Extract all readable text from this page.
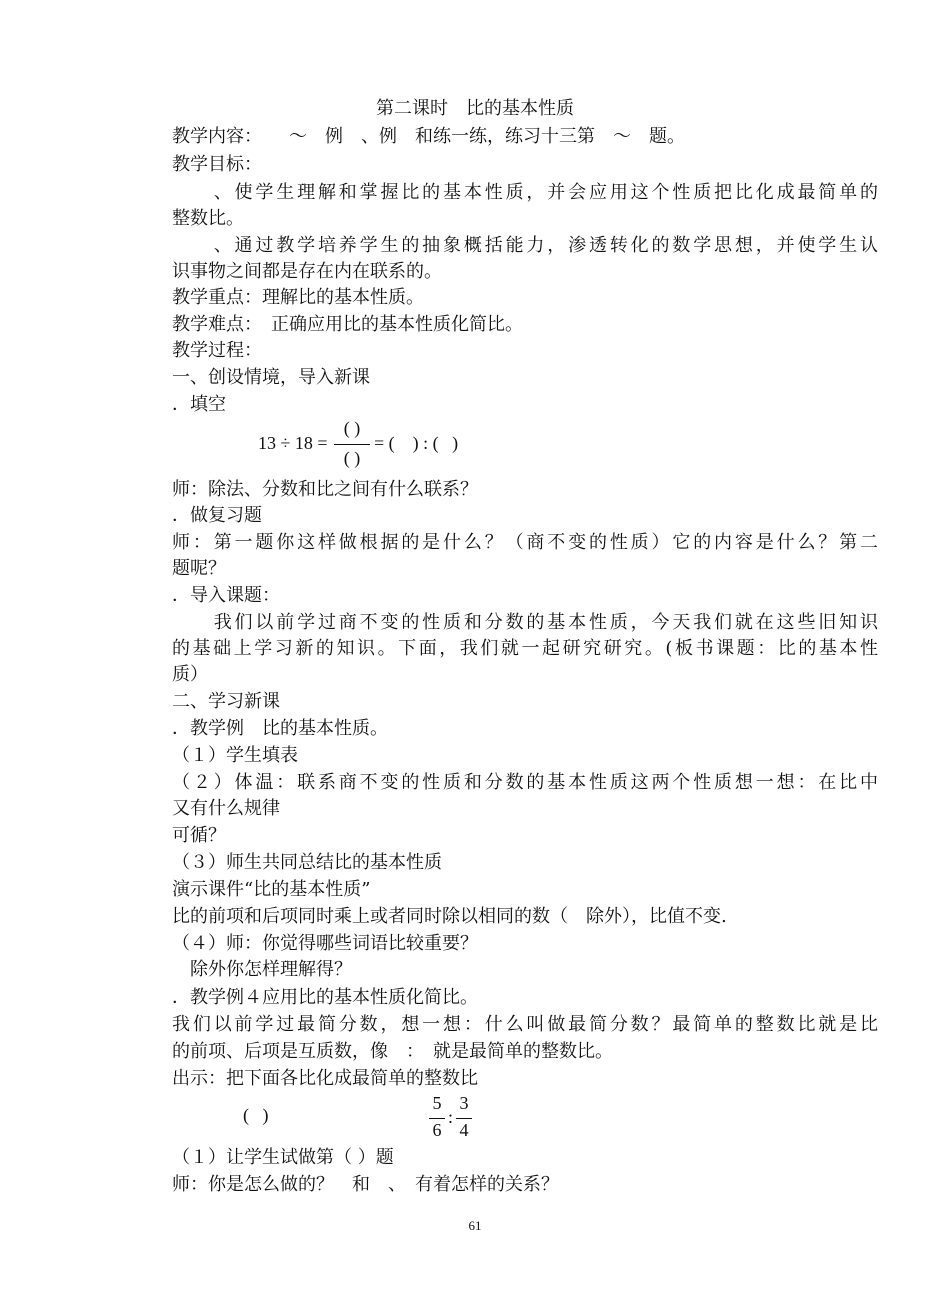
第二课时　比的基本性质
教学内容：　　～　例　、例　和练一练，练习十三第　～　题。
教学目标：
　　、使学生理解和掌握比的基本性质，并会应用这个性质把比化成最简单的
整数比。
　　、通过教学培养学生的抽象概括能力，渗透转化的数学思想，并使学生认
识事物之间都是存在内在联系的。
教学重点：理解比的基本性质。
教学难点：　正确应用比的基本性质化简比。
教学过程：
一、创设情境，导入新课
．填空
13 ÷ 18 =
( )
( )
= (    ) : (   )
师：除法、分数和比之间有什么联系？
．做复习题
师：第一题你这样做根据的是什么？（商不变的性质）它的内容是什么？第二
题呢？
．导入课题：
　　我们以前学过商不变的性质和分数的基本性质，今天我们就在这些旧知识
的基础上学习新的知识。下面，我们就一起研究研究。(板书课题：比的基本性
质）
二、学习新课
．教学例　比的基本性质。
（１）学生填表
（２）体温：联系商不变的性质和分数的基本性质这两个性质想一想：在比中
又有什么规律
可循？
（３）师生共同总结比的基本性质
演示课件“比的基本性质”
比的前项和后项同时乘上或者同时除以相同的数（　除外），比值不变.
（４）师：你觉得哪些词语比较重要？
　除外你怎样理解得？
．教学例４应用比的基本性质化简比。
我们以前学过最简分数，想一想：什么叫做最简分数？最简单的整数比就是比
的前项、后项是互质数，像　：　就是最简单的整数比。
出示：把下面各比化成最简单的整数比
(   )
5
6
:
3
4
（１）让学生试做第（ ）题
师：你是怎么做的？　和　、　有着怎样的关系？
61
